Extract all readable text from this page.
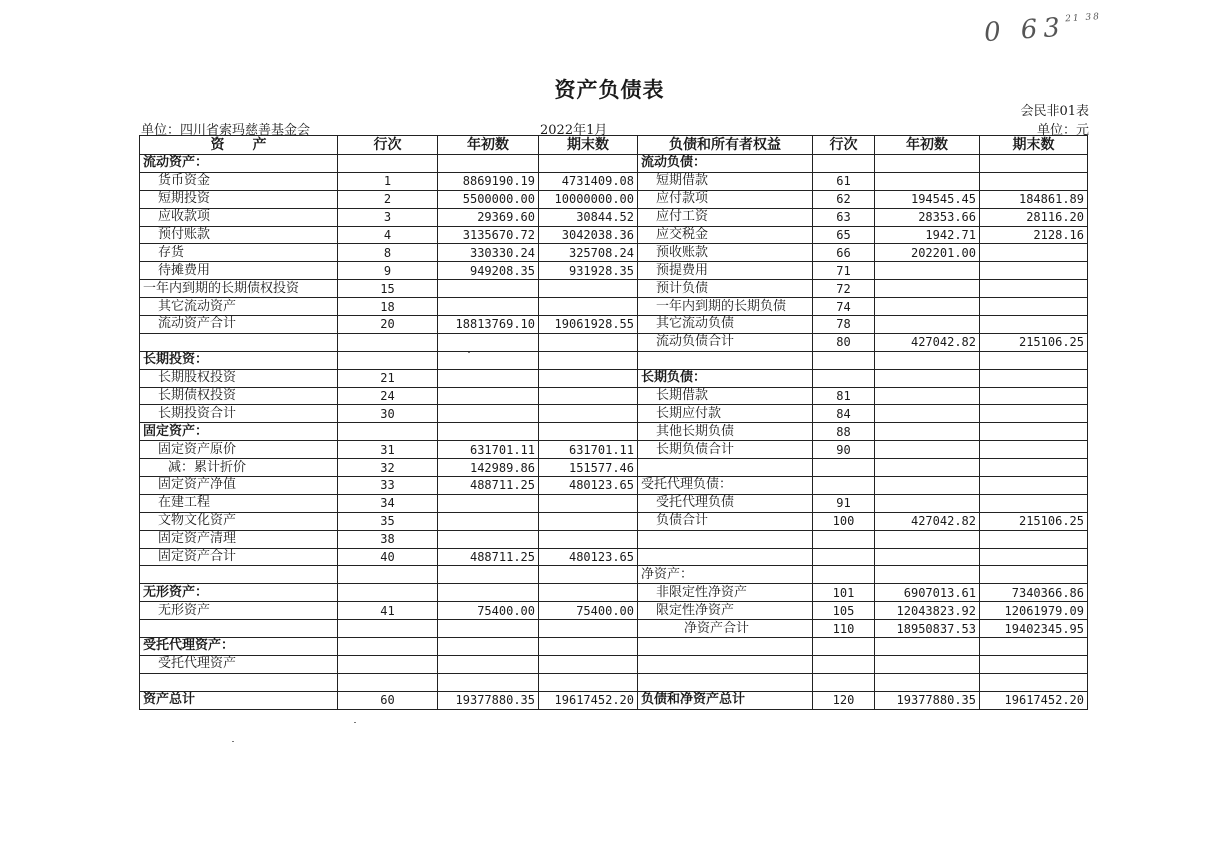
0 $63^{21 38}$
资产负债表
会民非01表
单位：四川省索玛慈善基金会	2022年1月	单位：元
资　　产	行次	年初数	期末数	负债和所有者权益	行次	年初数	期末数
流动资产：				流动负债：			
货币资金	1	8869190.19	4731409.08	短期借款	61		
短期投资	2	5500000.00	10000000.00	应付款项	62	194545.45	184861.89
应收款项	3	29369.60	30844.52	应付工资	63	28353.66	28116.20
预付账款	4	3135670.72	3042038.36	应交税金	65	1942.71	2128.16
存货	8	330330.24	325708.24	预收账款	66	202201.00	
待摊费用	9	949208.35	931928.35	预提费用	71		
一年内到期的长期债权投资	15			预计负债	72		
其它流动资产	18			一年内到期的长期负债	74		
流动资产合计	20	18813769.10	19061928.55	其它流动负债	78		
				流动负债合计	80	427042.82	215106.25
长期投资：							
长期股权投资	21			长期负债：			
长期债权投资	24			长期借款	81		
长期投资合计	30			长期应付款	84		
固定资产：				其他长期负债	88		
固定资产原价	31	631701.11	631701.11	长期负债合计	90		
减：累计折价	32	142989.86	151577.46				
固定资产净值	33	488711.25	480123.65	受托代理负债：			
在建工程	34			受托代理负债	91		
文物文化资产	35			负债合计	100	427042.82	215106.25
固定资产清理	38						
固定资产合计	40	488711.25	480123.65				
				净资产：			
无形资产：				非限定性净资产	101	6907013.61	7340366.86
无形资产	41	75400.00	75400.00	限定性净资产	105	12043823.92	12061979.09
				净资产合计	110	18950837.53	19402345.95
受托代理资产：							
受托代理资产							

资产总计	60	19377880.35	19617452.20	负债和净资产总计	120	19377880.35	19617452.20
